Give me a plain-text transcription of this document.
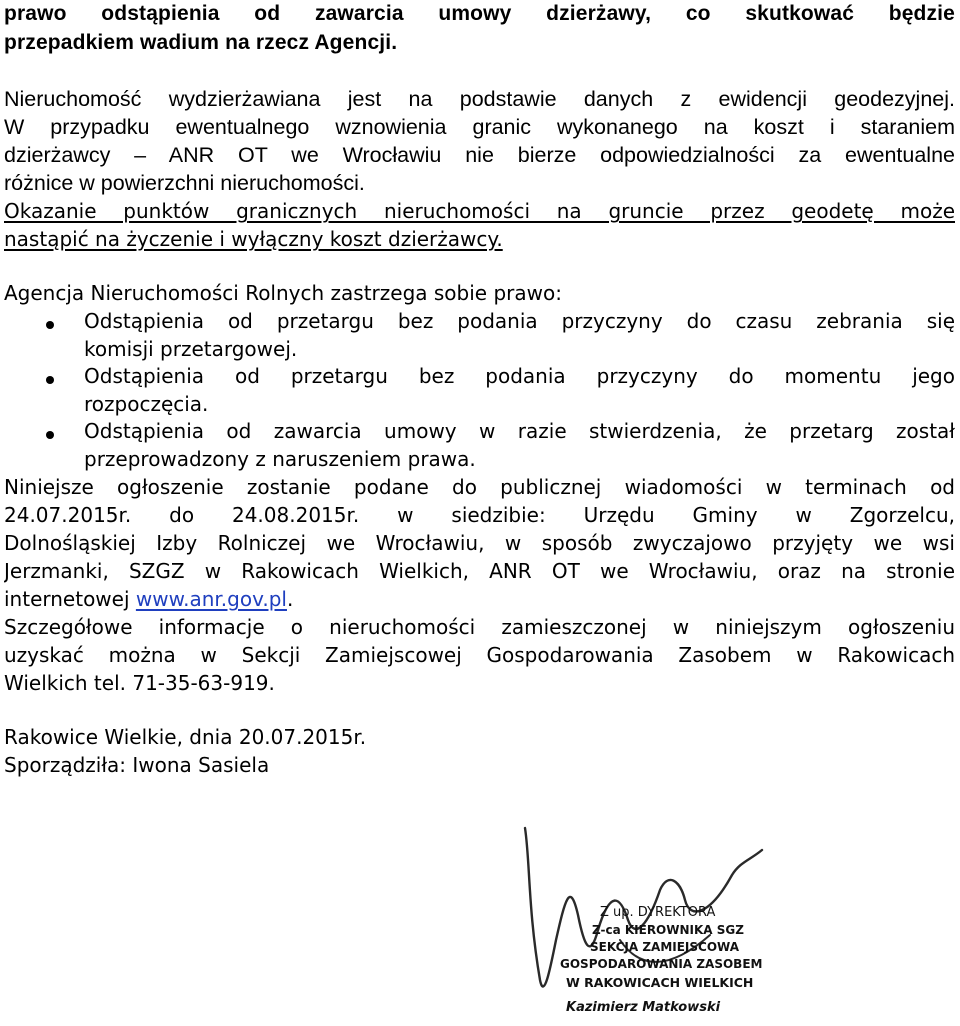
prawo odstąpienia od zawarcia umowy dzierżawy, co skutkować będzie
przepadkiem wadium na rzecz Agencji.
Nieruchomość wydzierżawiana jest na podstawie danych z ewidencji geodezyjnej.
W przypadku ewentualnego wznowienia granic wykonanego na koszt i staraniem
dzierżawcy – ANR OT we Wrocławiu nie bierze odpowiedzialności za ewentualne
różnice w powierzchni nieruchomości.
Okazanie punktów granicznych nieruchomości na gruncie przez geodetę może
nastąpić na życzenie i wyłączny koszt dzierżawcy.
Agencja Nieruchomości Rolnych zastrzega sobie prawo:
Odstąpienia od przetargu bez podania przyczyny do czasu zebrania się
komisji przetargowej.
Odstąpienia od przetargu bez podania przyczyny do momentu jego
rozpoczęcia.
Odstąpienia od zawarcia umowy w razie stwierdzenia, że przetarg został
przeprowadzony z naruszeniem prawa.
Niniejsze ogłoszenie zostanie podane do publicznej wiadomości w terminach od
24.07.2015r. do 24.08.2015r. w siedzibie: Urzędu Gminy w Zgorzelcu,
Dolnośląskiej Izby Rolniczej we Wrocławiu, w sposób zwyczajowo przyjęty we wsi
Jerzmanki, SZGZ w Rakowicach Wielkich, ANR OT we Wrocławiu, oraz na stronie
internetowej www.anr.gov.pl.
Szczegółowe informacje o nieruchomości zamieszczonej w niniejszym ogłoszeniu
uzyskać można w Sekcji Zamiejscowej Gospodarowania Zasobem w Rakowicach
Wielkich tel. 71-35-63-919.
Rakowice Wielkie, dnia 20.07.2015r.
Sporządziła: Iwona Sasiela
Z up. DYREKTORA
Z-ca KIEROWNIKA SGZ
SEKCJA ZAMIEJSCOWA
GOSPODAROWANIA ZASOBEM
W RAKOWICACH WIELKICH
Kazimierz Matkowski
